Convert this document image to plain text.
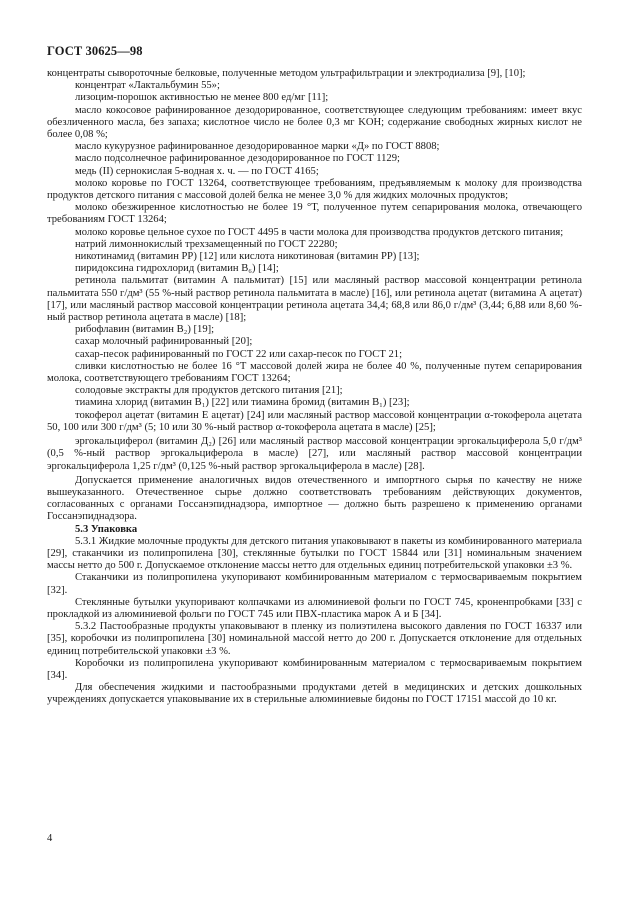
ГОСТ 30625—98

концентраты сывороточные белковые, полученные методом ультрафильтрации и электродиализа [9], [10];

концентрат «Лактальбумин 55»;

лизоцим-порошок активностью не менее 800 ед/мг [11];

масло кокосовое рафинированное дезодорированное, соответствующее следующим требованиям: имеет вкус обезличенного масла, без запаха; кислотное число не более 0,3 мг KOH; содержание свободных жирных кислот не более 0,08 %;

масло кукурузное рафинированное дезодорированное марки «Д» по ГОСТ 8808;

масло подсолнечное рафинированное дезодорированное по ГОСТ 1129;

медь (II) сернокислая 5-водная х. ч. — по ГОСТ 4165;

молоко коровье по ГОСТ 13264, соответствующее требованиям, предъявляемым к молоку для производства продуктов детского питания с массовой долей белка не менее 3,0 % для жидких молочных продуктов;

молоко обезжиренное кислотностью не более 19 °Т, полученное путем сепарирования молока, отвечающего требованиям ГОСТ 13264;

молоко коровье цельное сухое по ГОСТ 4495 в части молока для производства продуктов детского питания;

натрий лимоннокислый трехзамещенный по ГОСТ 22280;

никотинамид (витамин РР) [12] или кислота никотиновая (витамин РР) [13];

пиридоксина гидрохлорид (витамин B₆) [14];

ретинола пальмитат (витамин А пальмитат) [15] или масляный раствор массовой концентрации ретинола пальмитата 550 г/дм³ (55 %-ный раствор ретинола пальмитата в масле) [16], или ретинола ацетат (витамина А ацетат) [17], или масляный раствор массовой концентрации ретинола ацетата 34,4; 68,8 или 86,0 г/дм³ (3,44; 6,88 или 8,60 %-ный раствор ретинола ацетата в масле) [18];

рибофлавин (витамин B₂) [19];

сахар молочный рафинированный [20];

сахар-песок рафинированный по ГОСТ 22 или сахар-песок по ГОСТ 21;

сливки кислотностью не более 16 °Т массовой долей жира не более 40 %, полученные путем сепарирования молока, соответствующего требованиям ГОСТ 13264;

солодовые экстракты для продуктов детского питания [21];

тиамина хлорид (витамин B₁) [22] или тиамина бромид (витамин B₁) [23];

токоферол ацетат (витамин Е ацетат) [24] или масляный раствор массовой концентрации α-токоферола ацетата 50, 100 или 300 г/дм³ (5; 10 или 30 %-ный раствор α-токоферола ацетата в масле) [25];

эргокальциферол (витамин Д₂) [26] или масляный раствор массовой концентрации эргокальциферола 5,0 г/дм³ (0,5 %-ный раствор эргокальциферола в масле) [27], или масляный раствор массовой концентрации эргокальциферола 1,25 г/дм³ (0,125 %-ный раствор эргокальциферола в масле) [28].

Допускается применение аналогичных видов отечественного и импортного сырья по качеству не ниже вышеуказанного. Отечественное сырье должно соответствовать требованиям действующих документов, согласованных с органами Госсанэпиднадзора, импортное — должно быть разрешено к применению органами Госсанэпиднадзора.

5.3 Упаковка

5.3.1 Жидкие молочные продукты для детского питания упаковывают в пакеты из комбинированного материала [29], стаканчики из полипропилена [30], стеклянные бутылки по ГОСТ 15844 или [31] номинальным значением массы нетто до 500 г. Допускаемое отклонение массы нетто для отдельных единиц потребительской упаковки ±3 %.

Стаканчики из полипропилена укупоривают комбинированным материалом с термосвариваемым покрытием [32].

Стеклянные бутылки укупоривают колпачками из алюминиевой фольги по ГОСТ 745, кроненпробками [33] с прокладкой из алюминиевой фольги по ГОСТ 745 или ПВХ-пластика марок А и Б [34].

5.3.2 Пастообразные продукты упаковывают в пленку из полиэтилена высокого давления по ГОСТ 16337 или [35], коробочки из полипропилена [30] номинальной массой нетто до 200 г. Допускается отклонение для отдельных единиц потребительской упаковки ±3 %.

Коробочки из полипропилена укупоривают комбинированным материалом с термосвариваемым покрытием [34].

Для обеспечения жидкими и пастообразными продуктами детей в медицинских и детских дошкольных учреждениях допускается упаковывание их в стерильные алюминиевые бидоны по ГОСТ 17151 массой до 10 кг.

4
